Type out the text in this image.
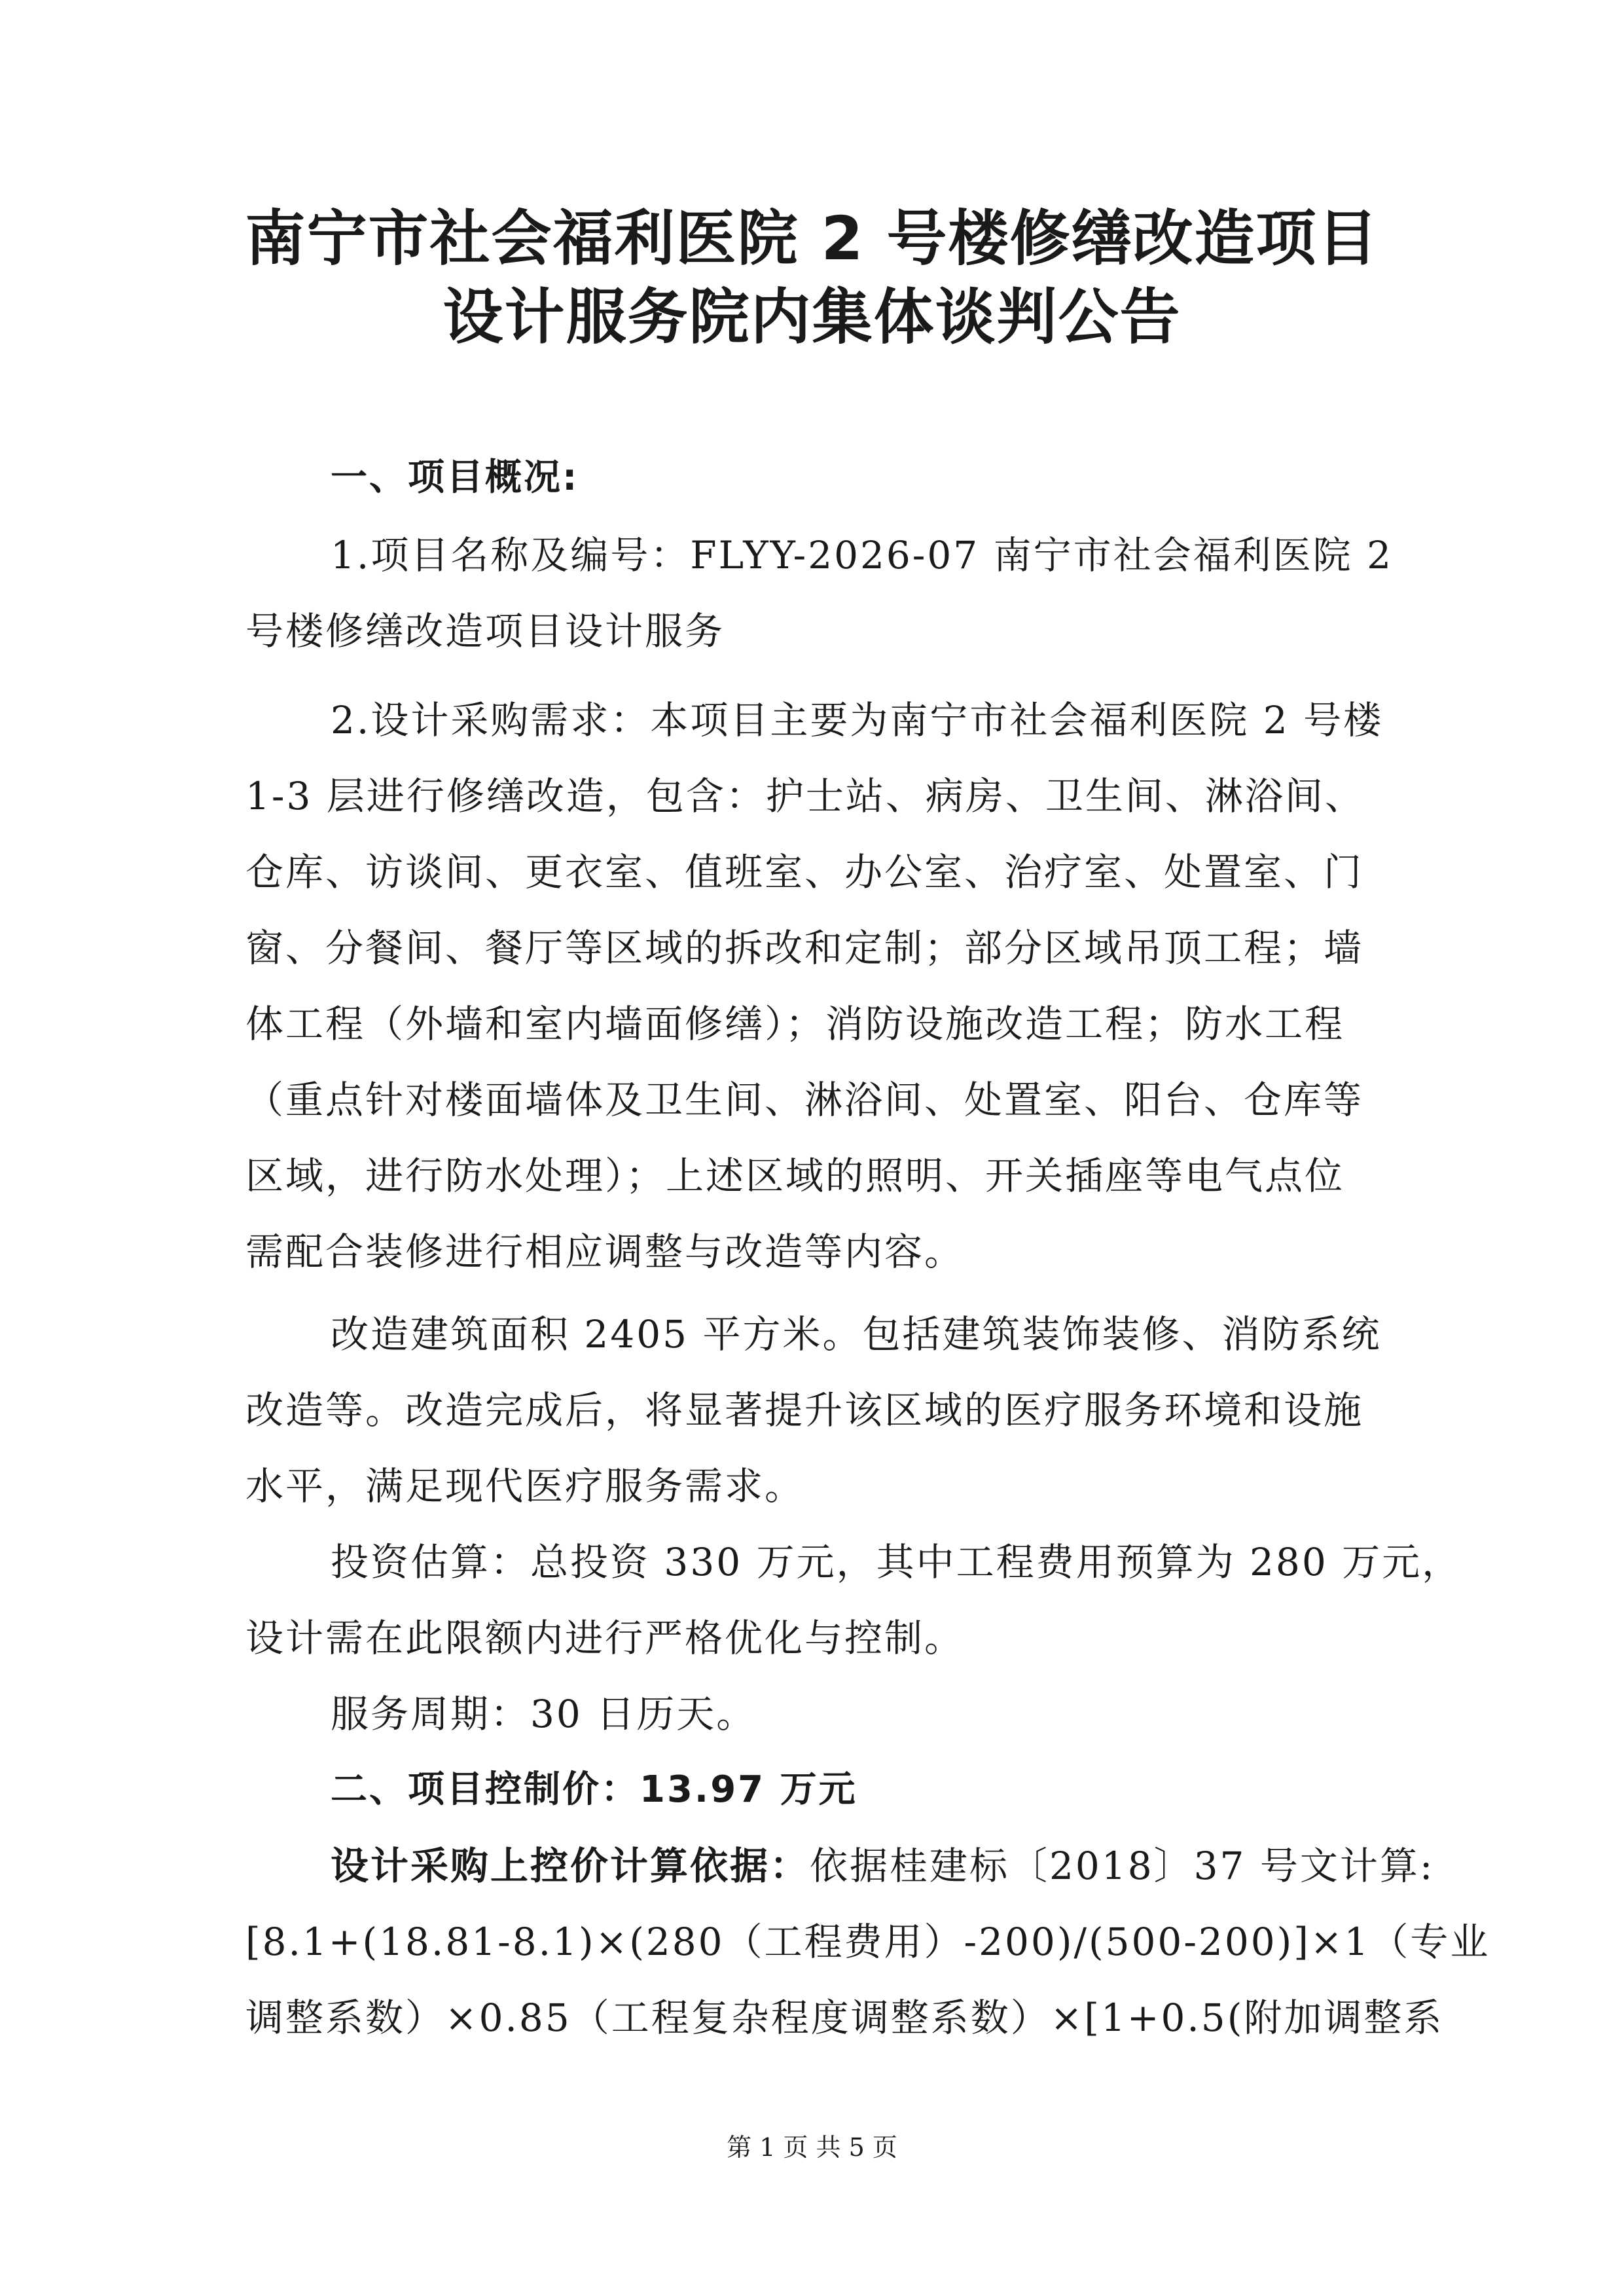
南宁市社会福利医院 2 号楼修缮改造项目
设计服务院内集体谈判公告
一、项目概况:
1.项目名称及编号：FLYY-2026-07 南宁市社会福利医院 2
号楼修缮改造项目设计服务
2.设计采购需求：本项目主要为南宁市社会福利医院 2 号楼
1-3 层进行修缮改造，包含：护士站、病房、卫生间、淋浴间、
仓库、访谈间、更衣室、值班室、办公室、治疗室、处置室、门
窗、分餐间、餐厅等区域的拆改和定制；部分区域吊顶工程；墙
体工程（外墙和室内墙面修缮）；消防设施改造工程；防水工程
（重点针对楼面墙体及卫生间、淋浴间、处置室、阳台、仓库等
区域，进行防水处理）；上述区域的照明、开关插座等电气点位
需配合装修进行相应调整与改造等内容。
改造建筑面积 2405 平方米。包括建筑装饰装修、消防系统
改造等。改造完成后，将显著提升该区域的医疗服务环境和设施
水平，满足现代医疗服务需求。
投资估算：总投资 330 万元，其中工程费用预算为 280 万元，
设计需在此限额内进行严格优化与控制。
服务周期：30 日历天。
二、项目控制价：13.97 万元
设计采购上控价计算依据：依据桂建标〔2018〕37 号文计算:
[8.1+(18.81-8.1)×(280（工程费用）-200)/(500-200)]×1（专业
调整系数）×0.85（工程复杂程度调整系数）×[1+0.5(附加调整系
第 1 页 共 5 页
